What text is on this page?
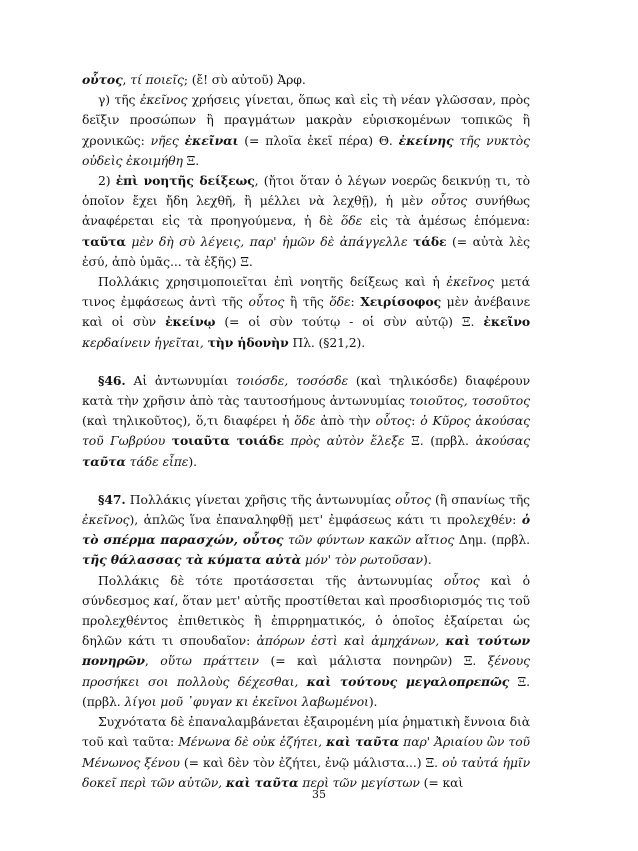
οὗτος, τί ποιεῖς; (ἔ! σὺ αὐτοῦ) Ἀρφ.

γ) τῆς ἐκεῖνος χρήσεις γίνεται, ὅπως καὶ εἰς τὴ νέαν γλῶσσαν, πρὸς δεῖξιν προσώπων ἢ πραγμάτων μακρὰν εὑρισκομένων τοπικῶς ἢ χρονικῶς: νῆες ἐκεῖναι (= πλοῖα ἐκεῖ πέρα) Θ. ἐκείνης τῆς νυκτὸς οὐδεὶς ἐκοιμήθη Ξ.

2) ἐπὶ νοητῆς δείξεως, (ἤτοι ὅταν ὁ λέγων νοερῶς δεικνύῃ τι, τὸ ὁποῖον ἔχει ἤδη λεχθῆ, ἢ μέλλει νὰ λεχθῇ), ἡ μὲν οὗτος συνήθως ἀναφέρεται εἰς τὰ προηγούμενα, ἡ δὲ ὅδε εἰς τὰ ἀμέσως ἑπόμενα: ταῦτα μὲν δὴ σὺ λέγεις, παρ' ἡμῶν δὲ ἀπάγγελλε τάδε (= αὐτὰ λὲς ἐσύ, ἀπὸ ὑμᾶς... τὰ ἑξῆς) Ξ.

Πολλάκις χρησιμοποιεῖται ἐπὶ νοητῆς δείξεως καὶ ἡ ἐκεῖνος μετά τινος ἐμφάσεως ἀντὶ τῆς οὗτος ἢ τῆς ὅδε: Χειρίσοφος μὲν ἀνέβαινε καὶ οἱ σὺν ἐκείνῳ (= οἱ σὺν τούτῳ - οἱ σὺν αὐτῷ) Ξ. ἐκεῖνο κερδαίνειν ἡγεῖται, τὴν ἡδονὴν Πλ. (§21,2).

§46. Αἱ ἀντωνυμίαι τοιόσδε, τοσόσδε (καὶ τηλικόσδε) διαφέρουν κατὰ τὴν χρῆσιν ἀπὸ τὰς ταυτοσήμους ἀντωνυμίας τοιοῦτος, τοσοῦτος (καὶ τηλικοῦτος), ὅ,τι διαφέρει ἡ ὅδε ἀπὸ τὴν οὗτος: ὁ Κῦρος ἀκούσας τοῦ Γωβρύου τοιαῦτα τοιάδε πρὸς αὐτὸν ἔλεξε Ξ. (πρβλ. ἀκούσας ταῦτα τάδε εἶπε).

§47. Πολλάκις γίνεται χρῆσις τῆς ἀντωνυμίας οὗτος (ἢ σπανίως τῆς ἐκεῖνος), ἁπλῶς ἵνα ἐπαναληφθῇ μετ' ἐμφάσεως κάτι τι προλεχθέν: ὁ τὸ σπέρμα παρασχών, οὗτος τῶν φύντων κακῶν αἴτιος Δημ. (πρβλ. τῆς θάλασσας τὰ κύματα αὐτὰ μόν' τὸν ρωτοῦσαν).

Πολλάκις δὲ τότε προτάσσεται τῆς ἀντωνυμίας οὗτος καὶ ὁ σύνδεσμος καί, ὅταν μετ' αὐτῆς προστίθεται καὶ προσδιορισμός τις τοῦ προλεχθέντος ἐπιθετικὸς ἢ ἐπιρρηματικός, ὁ ὁποῖος ἐξαίρεται ὡς δηλῶν κάτι τι σπουδαῖον: ἀπόρων ἐστὶ καὶ ἀμηχάνων, καὶ τούτων πονηρῶν, οὕτω πράττειν (= καὶ μάλιστα πονηρῶν) Ξ. ξένους προσήκει σοι πολλοὺς δέχεσθαι, καὶ τούτους μεγαλοπρεπῶς Ξ. (πρβλ. λίγοι μοῦ ᾽φυγαν κι ἐκεῖνοι λαβωμένοι).

Συχνότατα δὲ ἐπαναλαμβάνεται ἐξαιρομένη μία ῥηματικὴ ἔννοια διὰ τοῦ καὶ ταῦτα: Μένωνα δὲ οὐκ ἐζήτει, καὶ ταῦτα παρ' Ἀριαίου ὢν τοῦ Μένωνος ξένου (= καὶ δὲν τὸν ἐζήτει, ἐνῷ μάλιστα...) Ξ. οὐ ταὐτά ἡμῖν δοκεῖ περὶ τῶν αὐτῶν, καὶ ταῦτα περὶ τῶν μεγίστων (= καὶ

35
